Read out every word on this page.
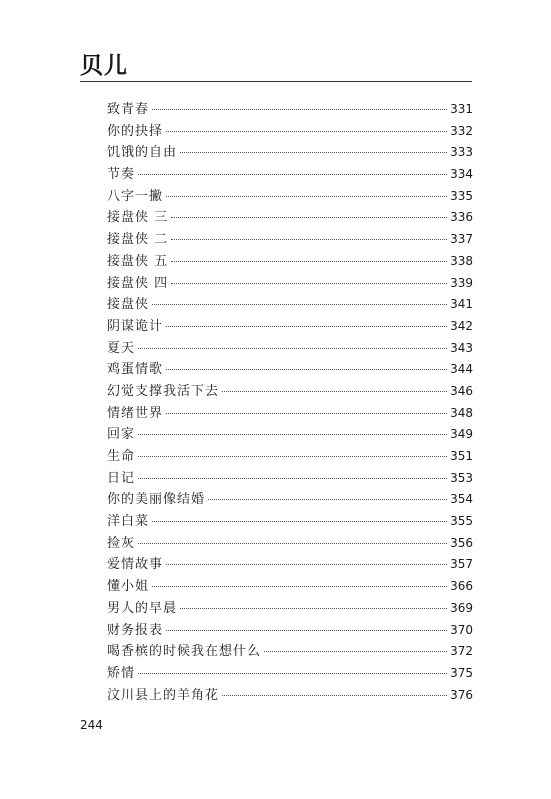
贝儿
致青春	331
你的抉择	332
饥饿的自由	333
节奏	334
八字一撇	335
接盘侠 三	336
接盘侠 二	337
接盘侠 五	338
接盘侠 四	339
接盘侠	341
阴谋诡计	342
夏天	343
鸡蛋情歌	344
幻觉支撑我活下去	346
情绪世界	348
回家	349
生命	351
日记	353
你的美丽像结婚	354
洋白菜	355
捡灰	356
爱情故事	357
懂小姐	366
男人的早晨	369
财务报表	370
喝香槟的时候我在想什么	372
矫情	375
汶川县上的羊角花	376
244
